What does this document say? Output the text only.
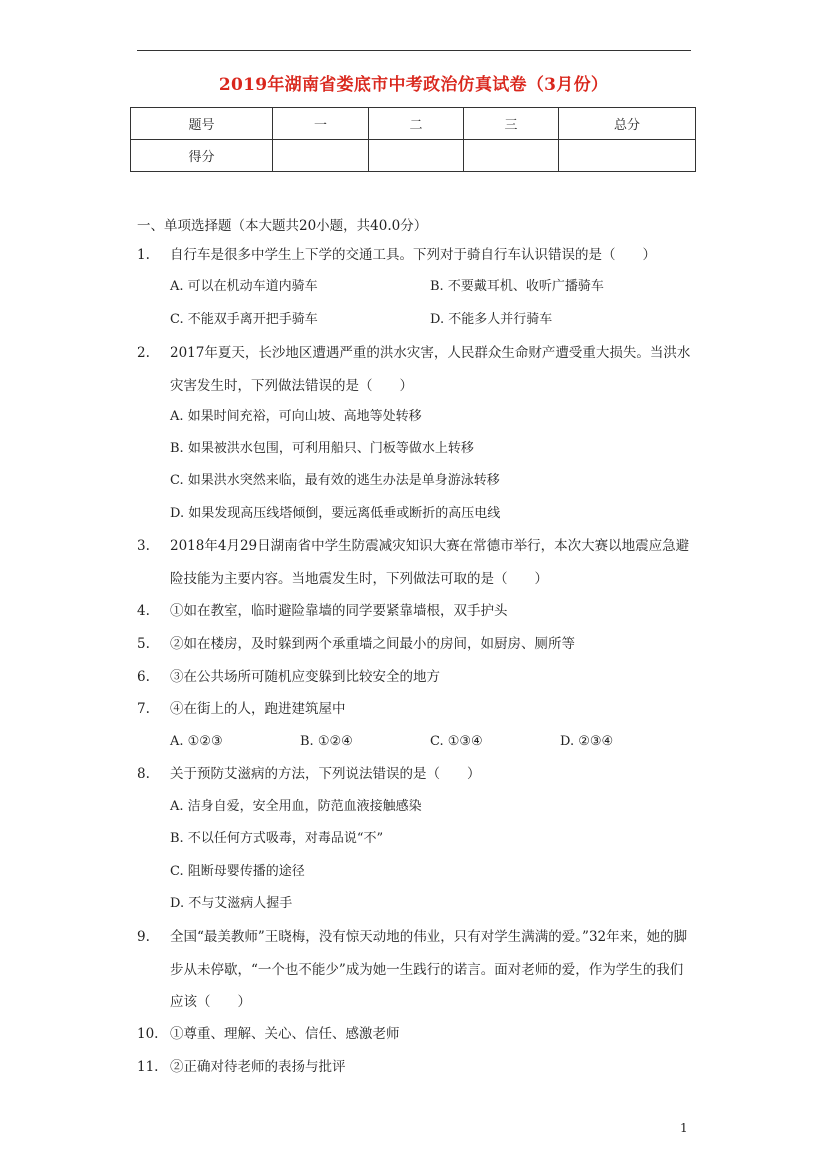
2019年湖南省娄底市中考政治仿真试卷（3月份）
题号	一	二	三	总分
得分				
一、单项选择题（本大题共20小题，共40.0分）
1. 自行车是很多中学生上下学的交通工具。下列对于骑自行车认识错误的是（　　）
A. 可以在机动车道内骑车	B. 不要戴耳机、收听广播骑车
C. 不能双手离开把手骑车	D. 不能多人并行骑车
2. 2017年夏天，长沙地区遭遇严重的洪水灾害，人民群众生命财产遭受重大损失。当洪水灾害发生时，下列做法错误的是（　　）
A. 如果时间充裕，可向山坡、高地等处转移
B. 如果被洪水包围，可利用船只、门板等做水上转移
C. 如果洪水突然来临，最有效的逃生办法是单身游泳转移
D. 如果发现高压线塔倾倒，要远离低垂或断折的高压电线
3. 2018年4月29日湖南省中学生防震减灾知识大赛在常德市举行，本次大赛以地震应急避险技能为主要内容。当地震发生时，下列做法可取的是（　　）
4. ①如在教室，临时避险靠墙的同学要紧靠墙根，双手护头
5. ②如在楼房，及时躲到两个承重墙之间最小的房间，如厨房、厕所等
6. ③在公共场所可随机应变躲到比较安全的地方
7. ④在街上的人，跑进建筑屋中
A. ①②③	B. ①②④	C. ①③④	D. ②③④
8. 关于预防艾滋病的方法，下列说法错误的是（　　）
A. 洁身自爱，安全用血，防范血液接触感染
B. 不以任何方式吸毒，对毒品说“不”
C. 阻断母婴传播的途径
D. 不与艾滋病人握手
9. 全国“最美教师”王晓梅，没有惊天动地的伟业，只有对学生满满的爱。”32年来，她的脚步从未停歇，“一个也不能少”成为她一生践行的诺言。面对老师的爱，作为学生的我们应该（　　）
10. ①尊重、理解、关心、信任、感激老师
11. ②正确对待老师的表扬与批评
1
